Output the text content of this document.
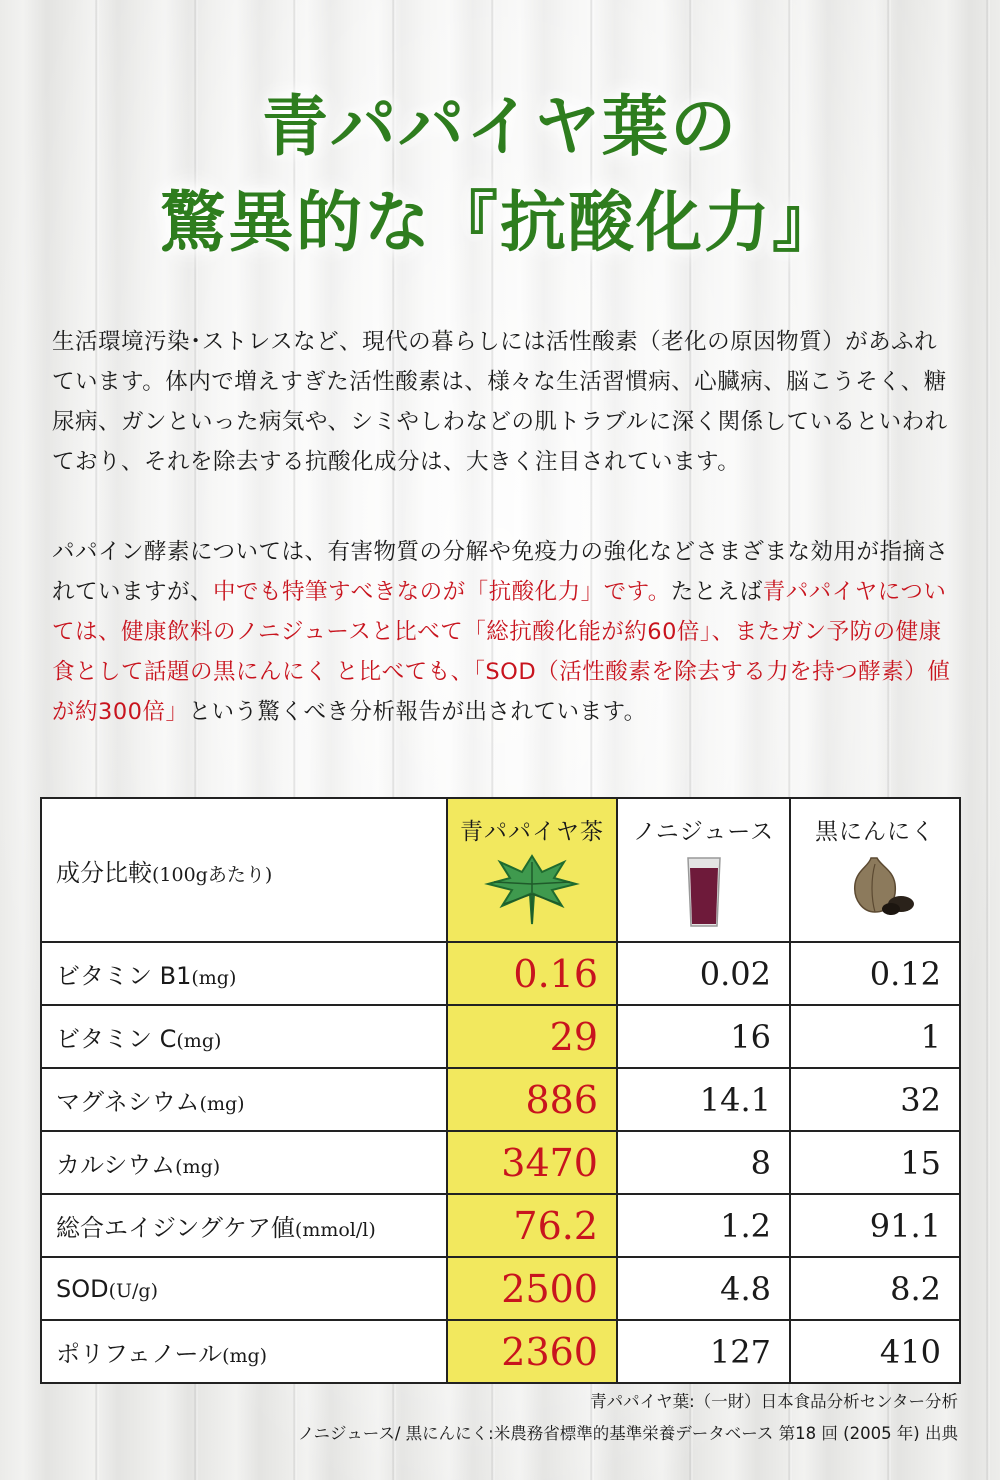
青パパイヤ葉の
驚異的な『抗酸化力』
生活環境汚染･ストレスなど、現代の暮らしには活性酸素（老化の原因物質）があふれています。体内で増えすぎた活性酸素は、様々な生活習慣病、心臓病、脳こうそく、糖尿病、ガンといった病気や、シミやしわなどの肌トラブルに深く関係しているといわれており、それを除去する抗酸化成分は、大きく注目されています。
パパイン酵素については、有害物質の分解や免疫力の強化などさまざまな効用が指摘されていますが、中でも特筆すべきなのが「抗酸化力」です。たとえば青パパイヤについては、健康飲料のノニジュースと比べて「総抗酸化能が約60倍」、またガン予防の健康食として話題の黒にんにく と比べても、「SOD（活性酸素を除去する力を持つ酵素）値が約300倍」という驚くべき分析報告が出されています。
成分比較(100gあたり)	青パパイヤ茶	ノニジュース	黒にんにく

ビタミン B1(mg)	0.16	0.02	0.12
ビタミン C(mg)	29	16	1
マグネシウム(mg)	886	14.1	32
カルシウム(mg)	3470	8	15
総合エイジングケア値(mmol/l)	76.2	1.2	91.1
SOD(U/g)	2500	4.8	8.2
ポリフェノール(mg)	2360	127	410
青パパイヤ葉:（一財）日本食品分析センター分析
ノニジュース/ 黒にんにく:米農務省標準的基準栄養データベース 第18 回 (2005 年) 出典
